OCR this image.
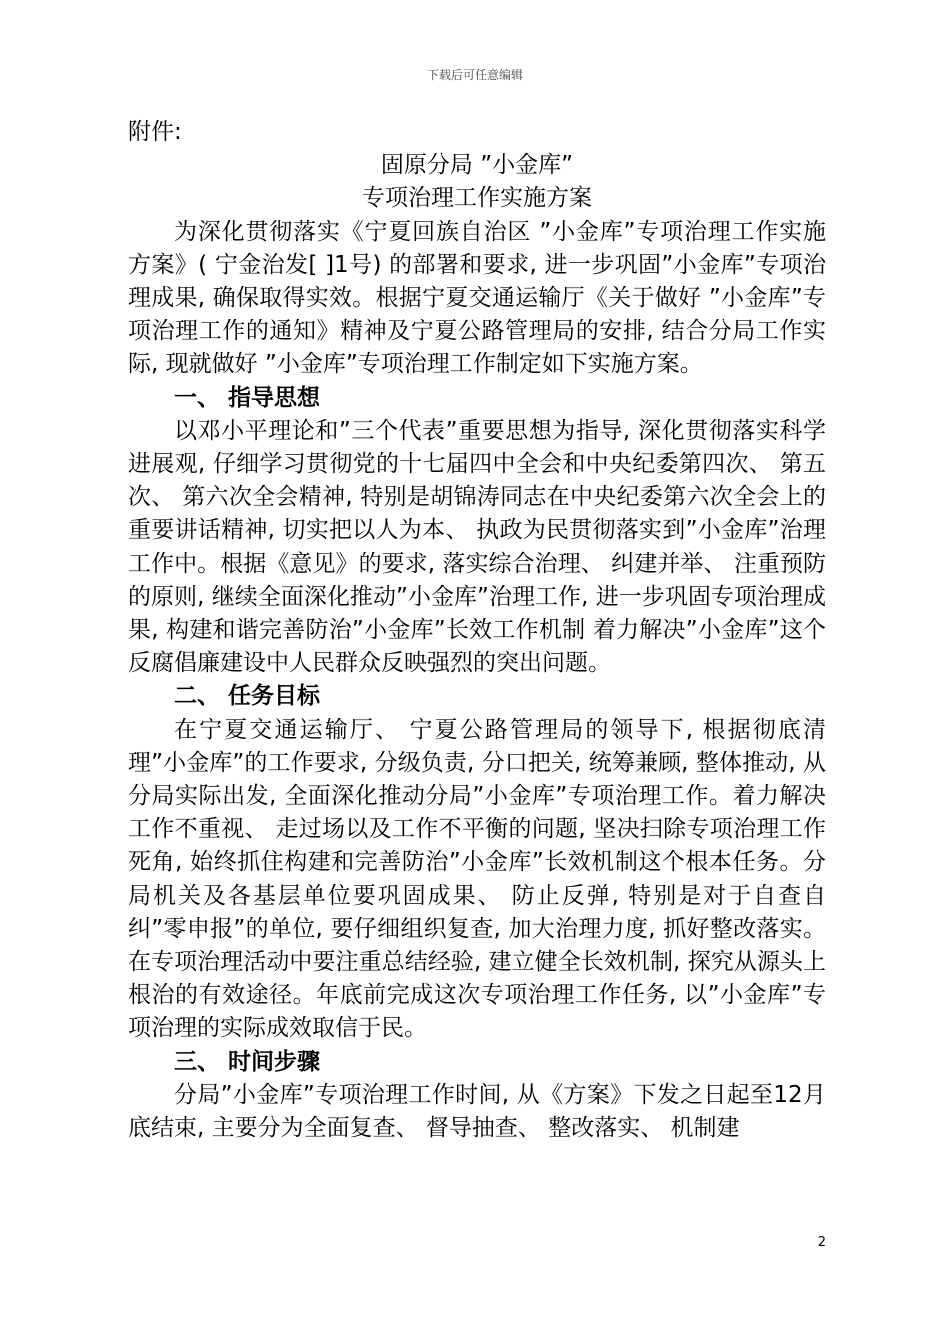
下载后可任意编辑

附件:

固原分局 ”小金库”

专项治理工作实施方案

为深化贯彻落实《宁夏回族自治区 ”小金库”专项治理工作实施方案》( 宁金治发[ ]1号) 的部署和要求, 进一步巩固”小金库”专项治理成果, 确保取得实效。根据宁夏交通运输厅《关于做好 ”小金库”专项治理工作的通知》精神及宁夏公路管理局的安排, 结合分局工作实际, 现就做好 ”小金库”专项治理工作制定如下实施方案。

一、 指导思想

以邓小平理论和”三个代表”重要思想为指导, 深化贯彻落实科学进展观, 仔细学习贯彻党的十七届四中全会和中央纪委第四次、 第五次、 第六次全会精神, 特别是胡锦涛同志在中央纪委第六次全会上的重要讲话精神, 切实把以人为本、 执政为民贯彻落实到”小金库”治理工作中。根据《意见》的要求, 落实综合治理、 纠建并举、 注重预防的原则, 继续全面深化推动”小金库”治理工作, 进一步巩固专项治理成果, 构建和谐完善防治”小金库”长效工作机制 着力解决”小金库”这个反腐倡廉建设中人民群众反映强烈的突出问题。

二、 任务目标

在宁夏交通运输厅、 宁夏公路管理局的领导下, 根据彻底清理”小金库”的工作要求, 分级负责, 分口把关, 统筹兼顾, 整体推动, 从分局实际出发, 全面深化推动分局”小金库”专项治理工作。着力解决工作不重视、 走过场以及工作不平衡的问题, 坚决扫除专项治理工作死角, 始终抓住构建和完善防治”小金库”长效机制这个根本任务。分局机关及各基层单位要巩固成果、 防止反弹, 特别是对于自查自纠”零申报”的单位, 要仔细组织复查, 加大治理力度, 抓好整改落实。在专项治理活动中要注重总结经验, 建立健全长效机制, 探究从源头上根治的有效途径。年底前完成这次专项治理工作任务, 以”小金库”专项治理的实际成效取信于民。

三、 时间步骤

分局”小金库”专项治理工作时间, 从《方案》下发之日起至12月底结束, 主要分为全面复查、 督导抽查、 整改落实、 机制建

2
